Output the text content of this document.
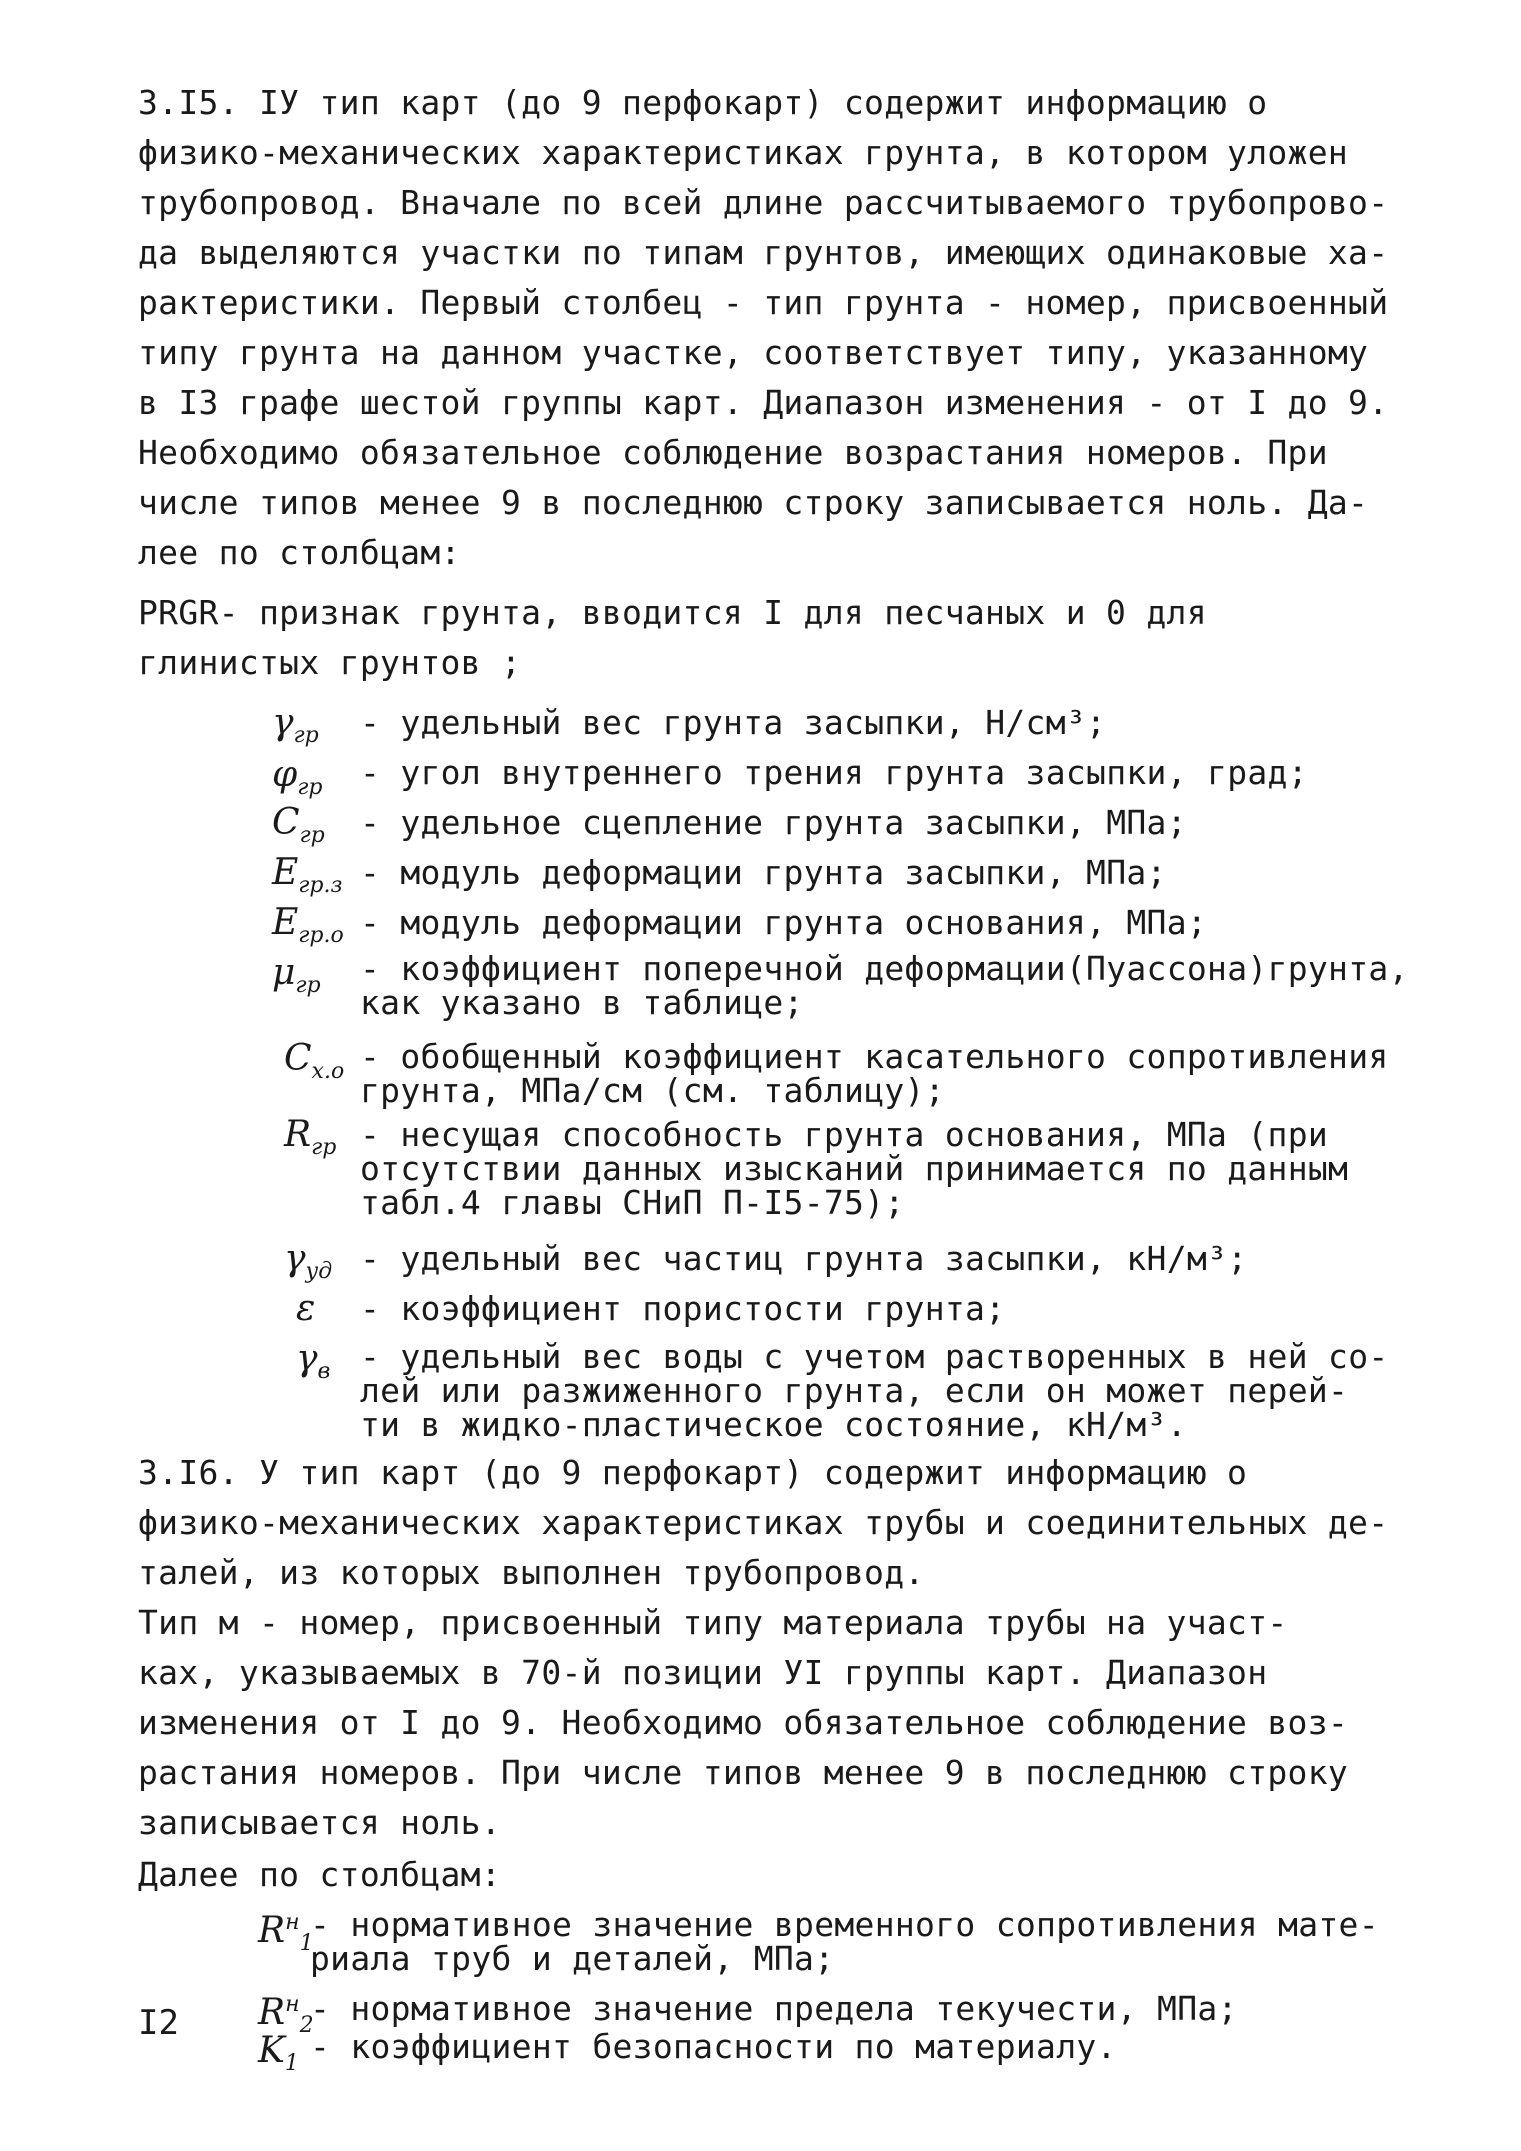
3.I5. IУ тип карт (до 9 перфокарт) содержит информацию о
физико-механических характеристиках грунта, в котором уложен
трубопровод. Вначале по всей длине рассчитываемого трубопрово-
да выделяются участки по типам грунтов, имеющих одинаковые ха-
рактеристики. Первый столбец - тип грунта - номер, присвоенный
типу грунта на данном участке, соответствует типу, указанному
в I3 графе шестой группы карт. Диапазон изменения - от I до 9.
Необходимо обязательное соблюдение возрастания номеров. При
числе типов менее 9 в последнюю строку записывается ноль. Да-
лее по столбцам:
PRGR- признак грунта, вводится I для песчаных и 0 для
глинистых грунтов ;
$\gamma_{гр}$ - удельный вес грунта засыпки, Н/см³;
$\varphi_{гр}$ - угол внутреннего трения грунта засыпки, град;
$C_{гр}$ - удельное сцепление грунта засыпки, МПа;
$E_{гр.з}$ - модуль деформации грунта засыпки, МПа;
$E_{гр.о}$ - модуль деформации грунта основания, МПа;
$\mu_{гр}$ - коэффициент поперечной деформации(Пуассона)грунта,
как указано в таблице;
$C_{х.о}$ - обобщенный коэффициент касательного сопротивления
грунта, МПа/см (см. таблицу);
$R_{гр}$ - несущая способность грунта основания, МПа (при
отсутствии данных изысканий принимается по данным
табл.4 главы СНиП П-I5-75);
$\gamma_{уд}$ - удельный вес частиц грунта засыпки, кН/м³;
ε - коэффициент пористости грунта;
$\gamma_в$ - удельный вес воды с учетом растворенных в ней со-
лей или разжиженного грунта, если он может перей-
ти в жидко-пластическое состояние, кН/м³.
3.I6. У тип карт (до 9 перфокарт) содержит информацию о
физико-механических характеристиках трубы и соединительных де-
талей, из которых выполнен трубопровод.
Тип м - номер, присвоенный типу материала трубы на участ-
ках, указываемых в 70-й позиции УI группы карт. Диапазон
изменения от I до 9. Необходимо обязательное соблюдение воз-
растания номеров. При числе типов менее 9 в последнюю строку
записывается ноль.
Далее по столбцам:
$R^н_1$
- нормативное значение временного сопротивления мате-
риала труб и деталей, МПа;
$R^н_2$
- нормативное значение предела текучести, МПа;
I2
$K_1$ - коэффициент безопасности по материалу.
